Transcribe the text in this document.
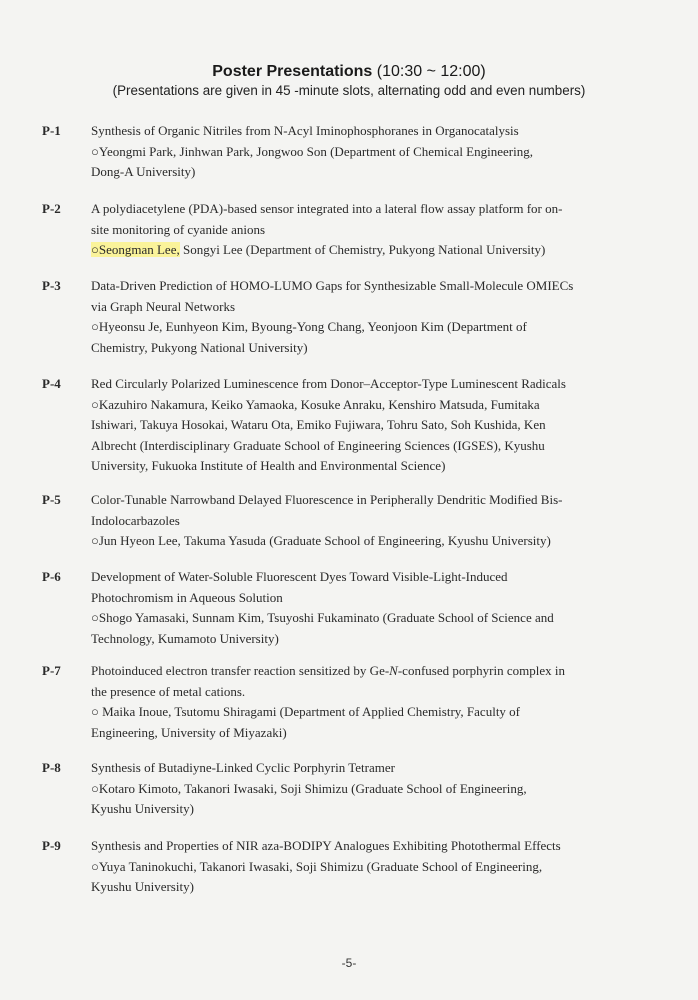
Poster Presentations (10:30 ~ 12:00)
(Presentations are given in 45 -minute slots, alternating odd and even numbers)
P-1 Synthesis of Organic Nitriles from N-Acyl Iminophosphoranes in Organocatalysis
○Yeongmi Park, Jinhwan Park, Jongwoo Son (Department of Chemical Engineering,
Dong-A University)
P-2 A polydiacetylene (PDA)-based sensor integrated into a lateral flow assay platform for on-
site monitoring of cyanide anions
○Seongman Lee, Songyi Lee (Department of Chemistry, Pukyong National University)
P-3 Data-Driven Prediction of HOMO-LUMO Gaps for Synthesizable Small-Molecule OMIECs
via Graph Neural Networks
○Hyeonsu Je, Eunhyeon Kim, Byoung-Yong Chang, Yeonjoon Kim (Department of
Chemistry, Pukyong National University)
P-4 Red Circularly Polarized Luminescence from Donor–Acceptor-Type Luminescent Radicals
○Kazuhiro Nakamura, Keiko Yamaoka, Kosuke Anraku, Kenshiro Matsuda, Fumitaka
Ishiwari, Takuya Hosokai, Wataru Ota, Emiko Fujiwara, Tohru Sato, Soh Kushida, Ken
Albrecht (Interdisciplinary Graduate School of Engineering Sciences (IGSES), Kyushu
University, Fukuoka Institute of Health and Environmental Science)
P-5 Color-Tunable Narrowband Delayed Fluorescence in Peripherally Dendritic Modified Bis-
Indolocarbazoles
○Jun Hyeon Lee, Takuma Yasuda (Graduate School of Engineering, Kyushu University)
P-6 Development of Water-Soluble Fluorescent Dyes Toward Visible-Light-Induced
Photochromism in Aqueous Solution
○Shogo Yamasaki, Sunnam Kim, Tsuyoshi Fukaminato (Graduate School of Science and
Technology, Kumamoto University)
P-7 Photoinduced electron transfer reaction sensitized by Ge-N-confused porphyrin complex in
the presence of metal cations.
○ Maika Inoue, Tsutomu Shiragami (Department of Applied Chemistry, Faculty of
Engineering, University of Miyazaki)
P-8 Synthesis of Butadiyne-Linked Cyclic Porphyrin Tetramer
○Kotaro Kimoto, Takanori Iwasaki, Soji Shimizu (Graduate School of Engineering,
Kyushu University)
P-9 Synthesis and Properties of NIR aza-BODIPY Analogues Exhibiting Photothermal Effects
○Yuya Taninokuchi, Takanori Iwasaki, Soji Shimizu (Graduate School of Engineering,
Kyushu University)
-5-
